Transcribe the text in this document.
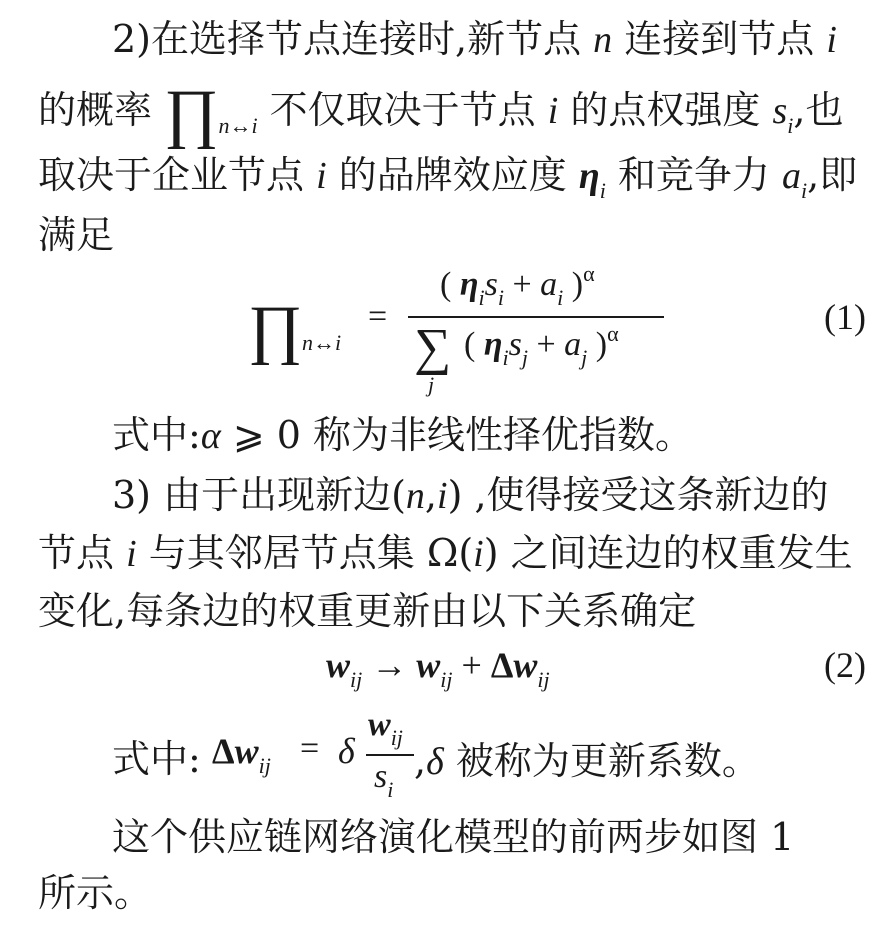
2)在选择节点连接时,新节点 n 连接到节点 i
的概率 $\prod_{n\leftrightarrow i}$ 不仅取决于节点 i 的点权强度 $s_i$,也
取决于企业节点 i 的品牌效应度 $\eta_i$ 和竞争力 $a_i$,即
满足
∏ n↔i
=
( $\eta_is_i + a_i$ )$^\alpha$
∑
j
( $\eta_is_j + a_j$ )$^\alpha$	(1)
式中:α ⩾ 0 称为非线性择优指数。
3) 由于出现新边(n,i) ,使得接受这条新边的
节点 i 与其邻居节点集 Ω(i) 之间连边的权重发生
变化,每条边的权重更新由以下关系确定
$w_{ij} \to w_{ij} + \Delta w_{ij}$	(2)
式中: $\Delta w_{ij} = \delta$
$w_{ij}$
$s_i$
,δ 被称为更新系数。
这个供应链网络演化模型的前两步如图 1
所示。
